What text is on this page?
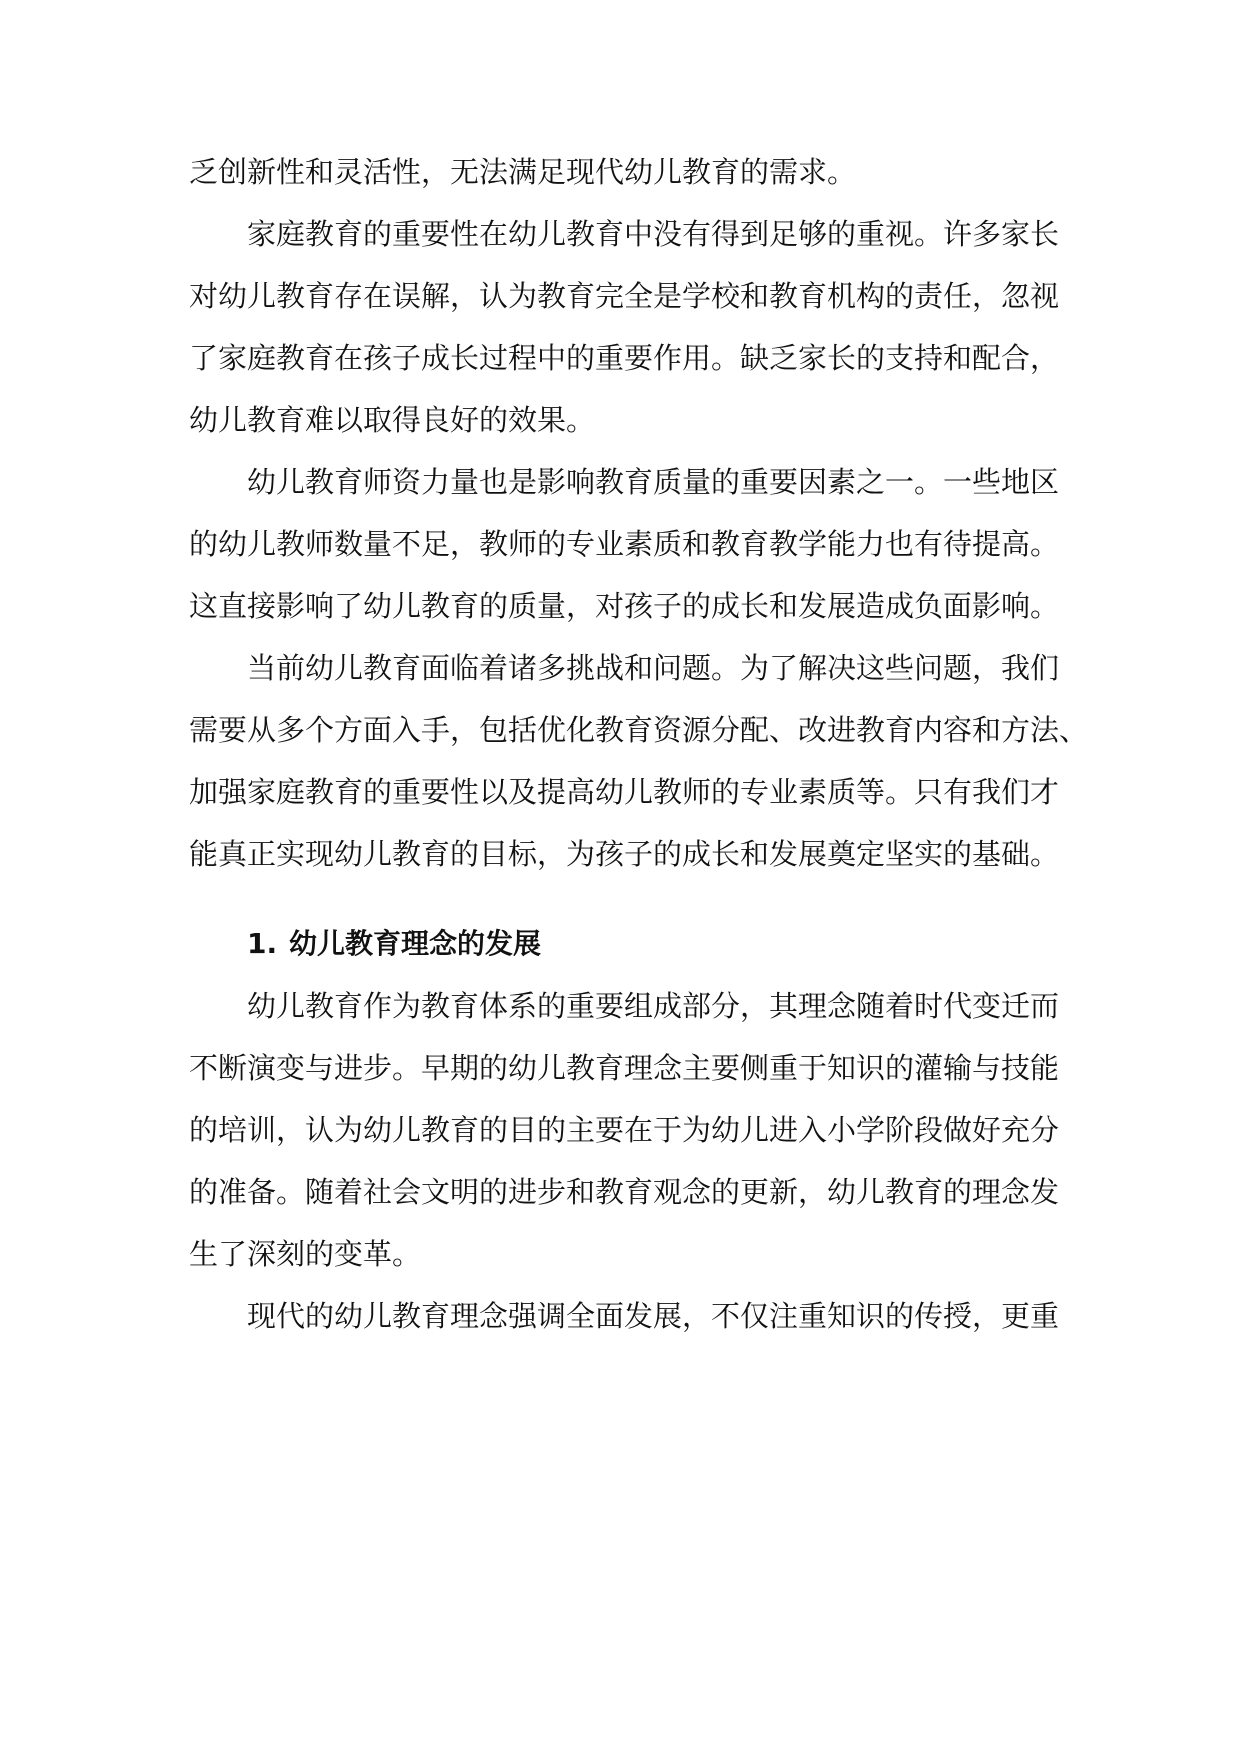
乏创新性和灵活性，无法满足现代幼儿教育的需求。
家庭教育的重要性在幼儿教育中没有得到足够的重视。许多家长
对幼儿教育存在误解，认为教育完全是学校和教育机构的责任，忽视
了家庭教育在孩子成长过程中的重要作用。缺乏家长的支持和配合，
幼儿教育难以取得良好的效果。
幼儿教育师资力量也是影响教育质量的重要因素之一。一些地区
的幼儿教师数量不足，教师的专业素质和教育教学能力也有待提高。
这直接影响了幼儿教育的质量，对孩子的成长和发展造成负面影响。
当前幼儿教育面临着诸多挑战和问题。为了解决这些问题，我们
需要从多个方面入手，包括优化教育资源分配、改进教育内容和方法、
加强家庭教育的重要性以及提高幼儿教师的专业素质等。只有我们才
能真正实现幼儿教育的目标，为孩子的成长和发展奠定坚实的基础。
1. 幼儿教育理念的发展
幼儿教育作为教育体系的重要组成部分，其理念随着时代变迁而
不断演变与进步。早期的幼儿教育理念主要侧重于知识的灌输与技能
的培训，认为幼儿教育的目的主要在于为幼儿进入小学阶段做好充分
的准备。随着社会文明的进步和教育观念的更新，幼儿教育的理念发
生了深刻的变革。
现代的幼儿教育理念强调全面发展，不仅注重知识的传授，更重
